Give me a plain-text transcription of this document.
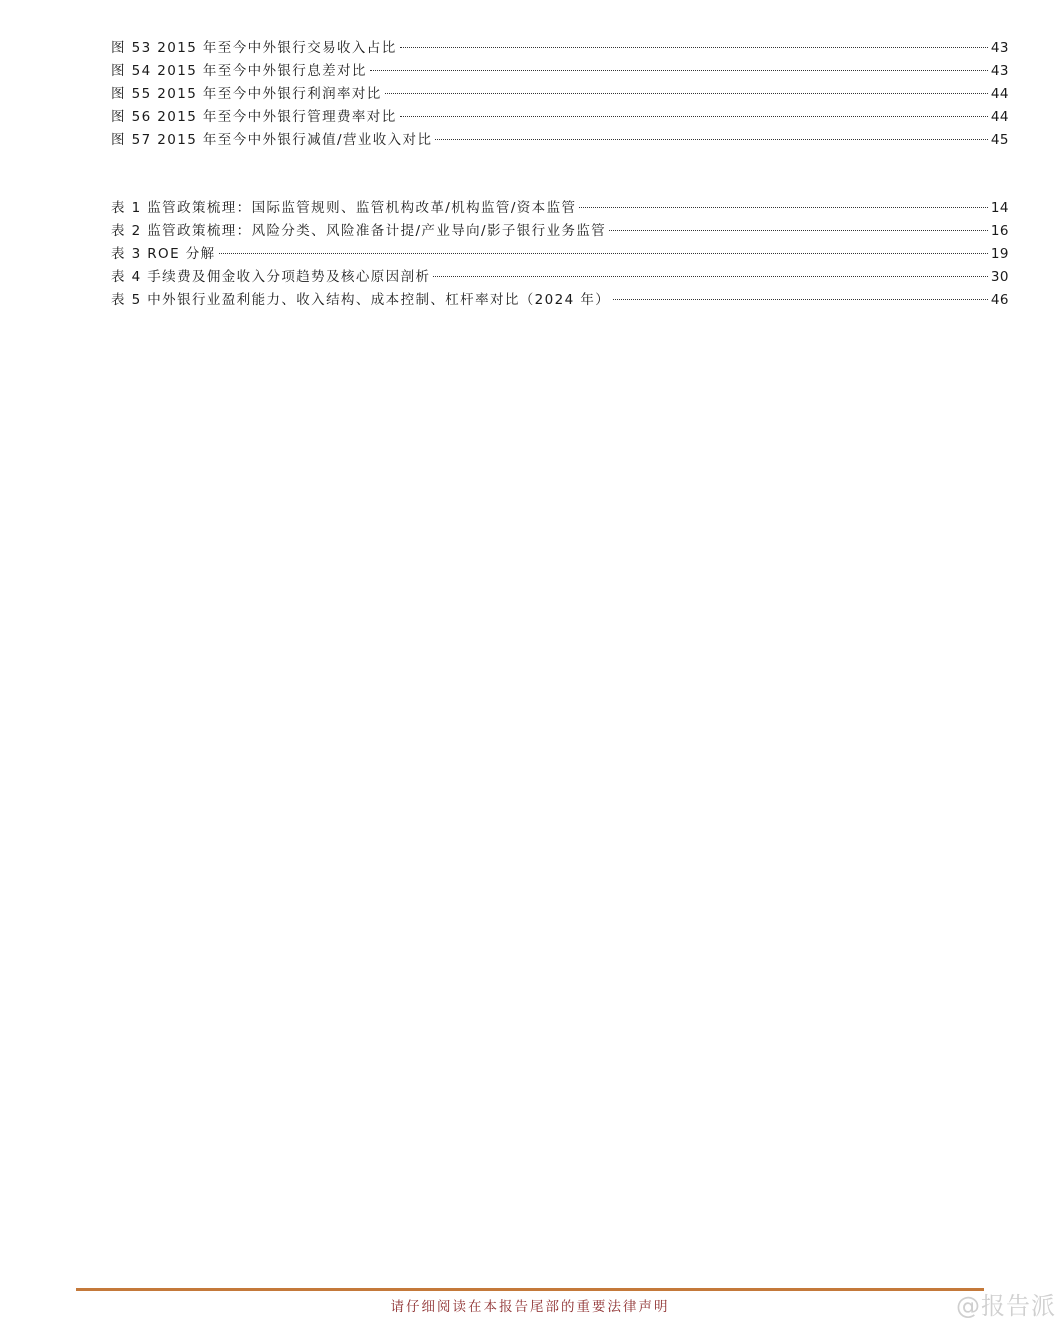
图 53 2015 年至今中外银行交易收入占比	43
图 54 2015 年至今中外银行息差对比	43
图 55 2015 年至今中外银行利润率对比	44
图 56 2015 年至今中外银行管理费率对比	44
图 57 2015 年至今中外银行减值/营业收入对比	45
表 1 监管政策梳理：国际监管规则、监管机构改革/机构监管/资本监管	14
表 2 监管政策梳理：风险分类、风险准备计提/产业导向/影子银行业务监管	16
表 3 ROE 分解	19
表 4 手续费及佣金收入分项趋势及核心原因剖析	30
表 5 中外银行业盈利能力、收入结构、成本控制、杠杆率对比（2024 年）	46
请仔细阅读在本报告尾部的重要法律声明	@报告派
